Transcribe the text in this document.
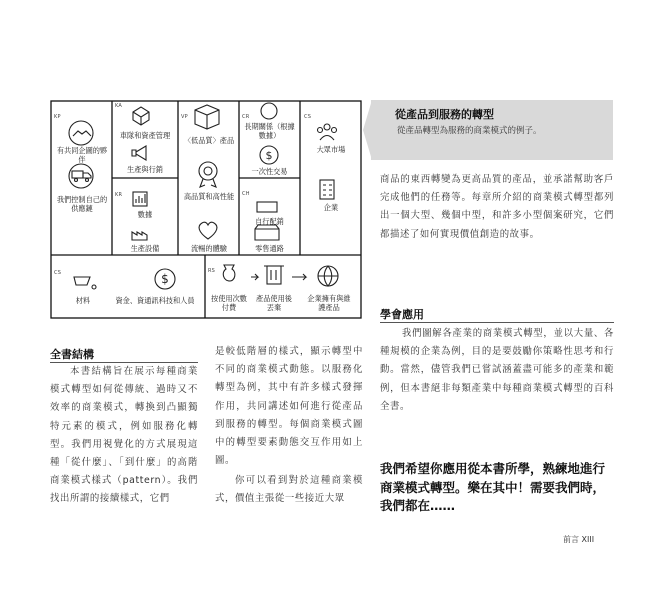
$
$
KP
KA
KR
VP	CR
CH
CS
CS	RS
有共同企圖的夥伴
我們控制自己的供應鏈
車隊和資產管理
生產與行銷
數據
生產設備
〈低品質〉產品
高品質和高性能
流暢的體驗
長期關係（根據數據）
一次性交易
自行配銷
零售通路
大眾市場
企業
材料	資金、資通訊科技和人員	按使用次數付費
產品使用後丟棄
企業擁有與維護產品
從產品到服務的轉型
從產品轉型為服務的商業模式的例子。
商品的東西轉變為更高品質的產品，並承諾幫助客戶完成他們的任務等。每章所介紹的商業模式轉型都列出一個大型、幾個中型，和許多小型個案研究，它們都描述了如何實現價值創造的故事。
學會應用
我們圖解各產業的商業模式轉型，並以大量、各種規模的企業為例，目的是要鼓勵你策略性思考和行動。當然，儘管我們已嘗試涵蓋盡可能多的產業和範例，但本書絕非每類產業中每種商業模式轉型的百科全書。
我們希望你應用從本書所學，熟練地進行商業模式轉型。樂在其中！需要我們時，我們都在……
全書結構
本書結構旨在展示每種商業模式轉型如何從傳統、過時又不效率的商業模式，轉換到凸顯獨特元素的模式，例如服務化轉型。我們用視覺化的方式展現這種「從什麼」、「到什麼」的高階商業模式樣式（pattern）。我們找出所謂的接續樣式，它們
是較低階層的樣式，顯示轉型中不同的商業模式動態。以服務化轉型為例，其中有許多樣式發揮作用，共同講述如何進行從產品到服務的轉型。每個商業模式圖中的轉型要素動態交互作用如上圖。
你可以看到對於這種商業模式，價值主張從一些接近大眾
前言 XIII
